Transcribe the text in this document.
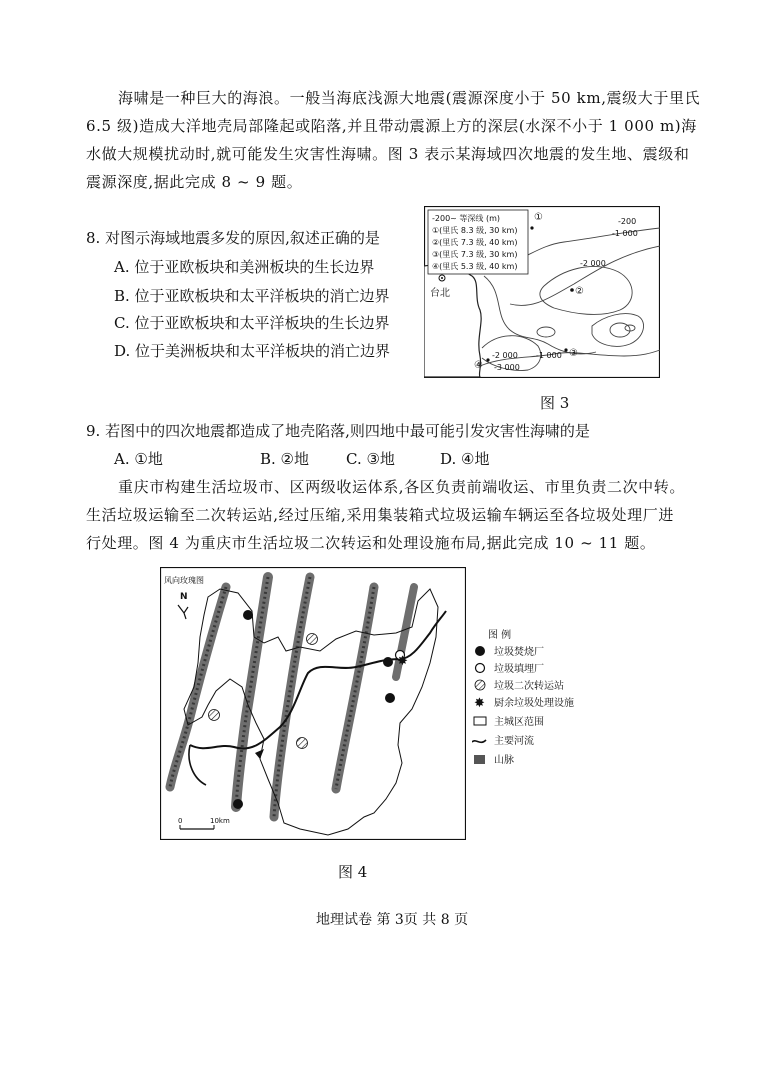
海啸是一种巨大的海浪。一般当海底浅源大地震(震源深度小于 50 km,震级大于里氏
6.5 级)造成大洋地壳局部隆起或陷落,并且带动震源上方的深层(水深不小于 1 000 m)海
水做大规模扰动时,就可能发生灾害性海啸。图 3 表示某海域四次地震的发生地、震级和
震源深度,据此完成 8 ~ 9 题。
8. 对图示海域地震多发的原因,叙述正确的是
A. 位于亚欧板块和美洲板块的生长边界
B. 位于亚欧板块和太平洋板块的消亡边界
C. 位于亚欧板块和太平洋板块的生长边界
D. 位于美洲板块和太平洋板块的消亡边界
-200~ 等深线 (m)
①(里氏 8.3 级, 30 km)
②(里氏 7.3 级, 40 km)
③(里氏 7.3 级, 30 km)
④(里氏 5.3 级, 40 km)
台北
-200
-1 000
-2 000
-2 000 -1 000
-3 000
①
②
③
④
图 3
9. 若图中的四次地震都造成了地壳陷落,则四地中最可能引发灾害性海啸的是
A. ①地	B. ②地 C. ③地	D. ④地
重庆市构建生活垃圾市、区两级收运体系,各区负责前端收运、市里负责二次中转。
生活垃圾运输至二次转运站,经过压缩,采用集装箱式垃圾运输车辆运至各垃圾处理厂进
行处理。图 4 为重庆市生活垃圾二次转运和处理设施布局,据此完成 10 ~ 11 题。
✸
风向玫瑰图
N
0	10km
图 例
垃圾焚烧厂
垃圾填埋厂
垃圾二次转运站
✸ 厨余垃圾处理设施
主城区范围
主要河流
山脉
图 4
地理试卷 第 3页 共 8 页
